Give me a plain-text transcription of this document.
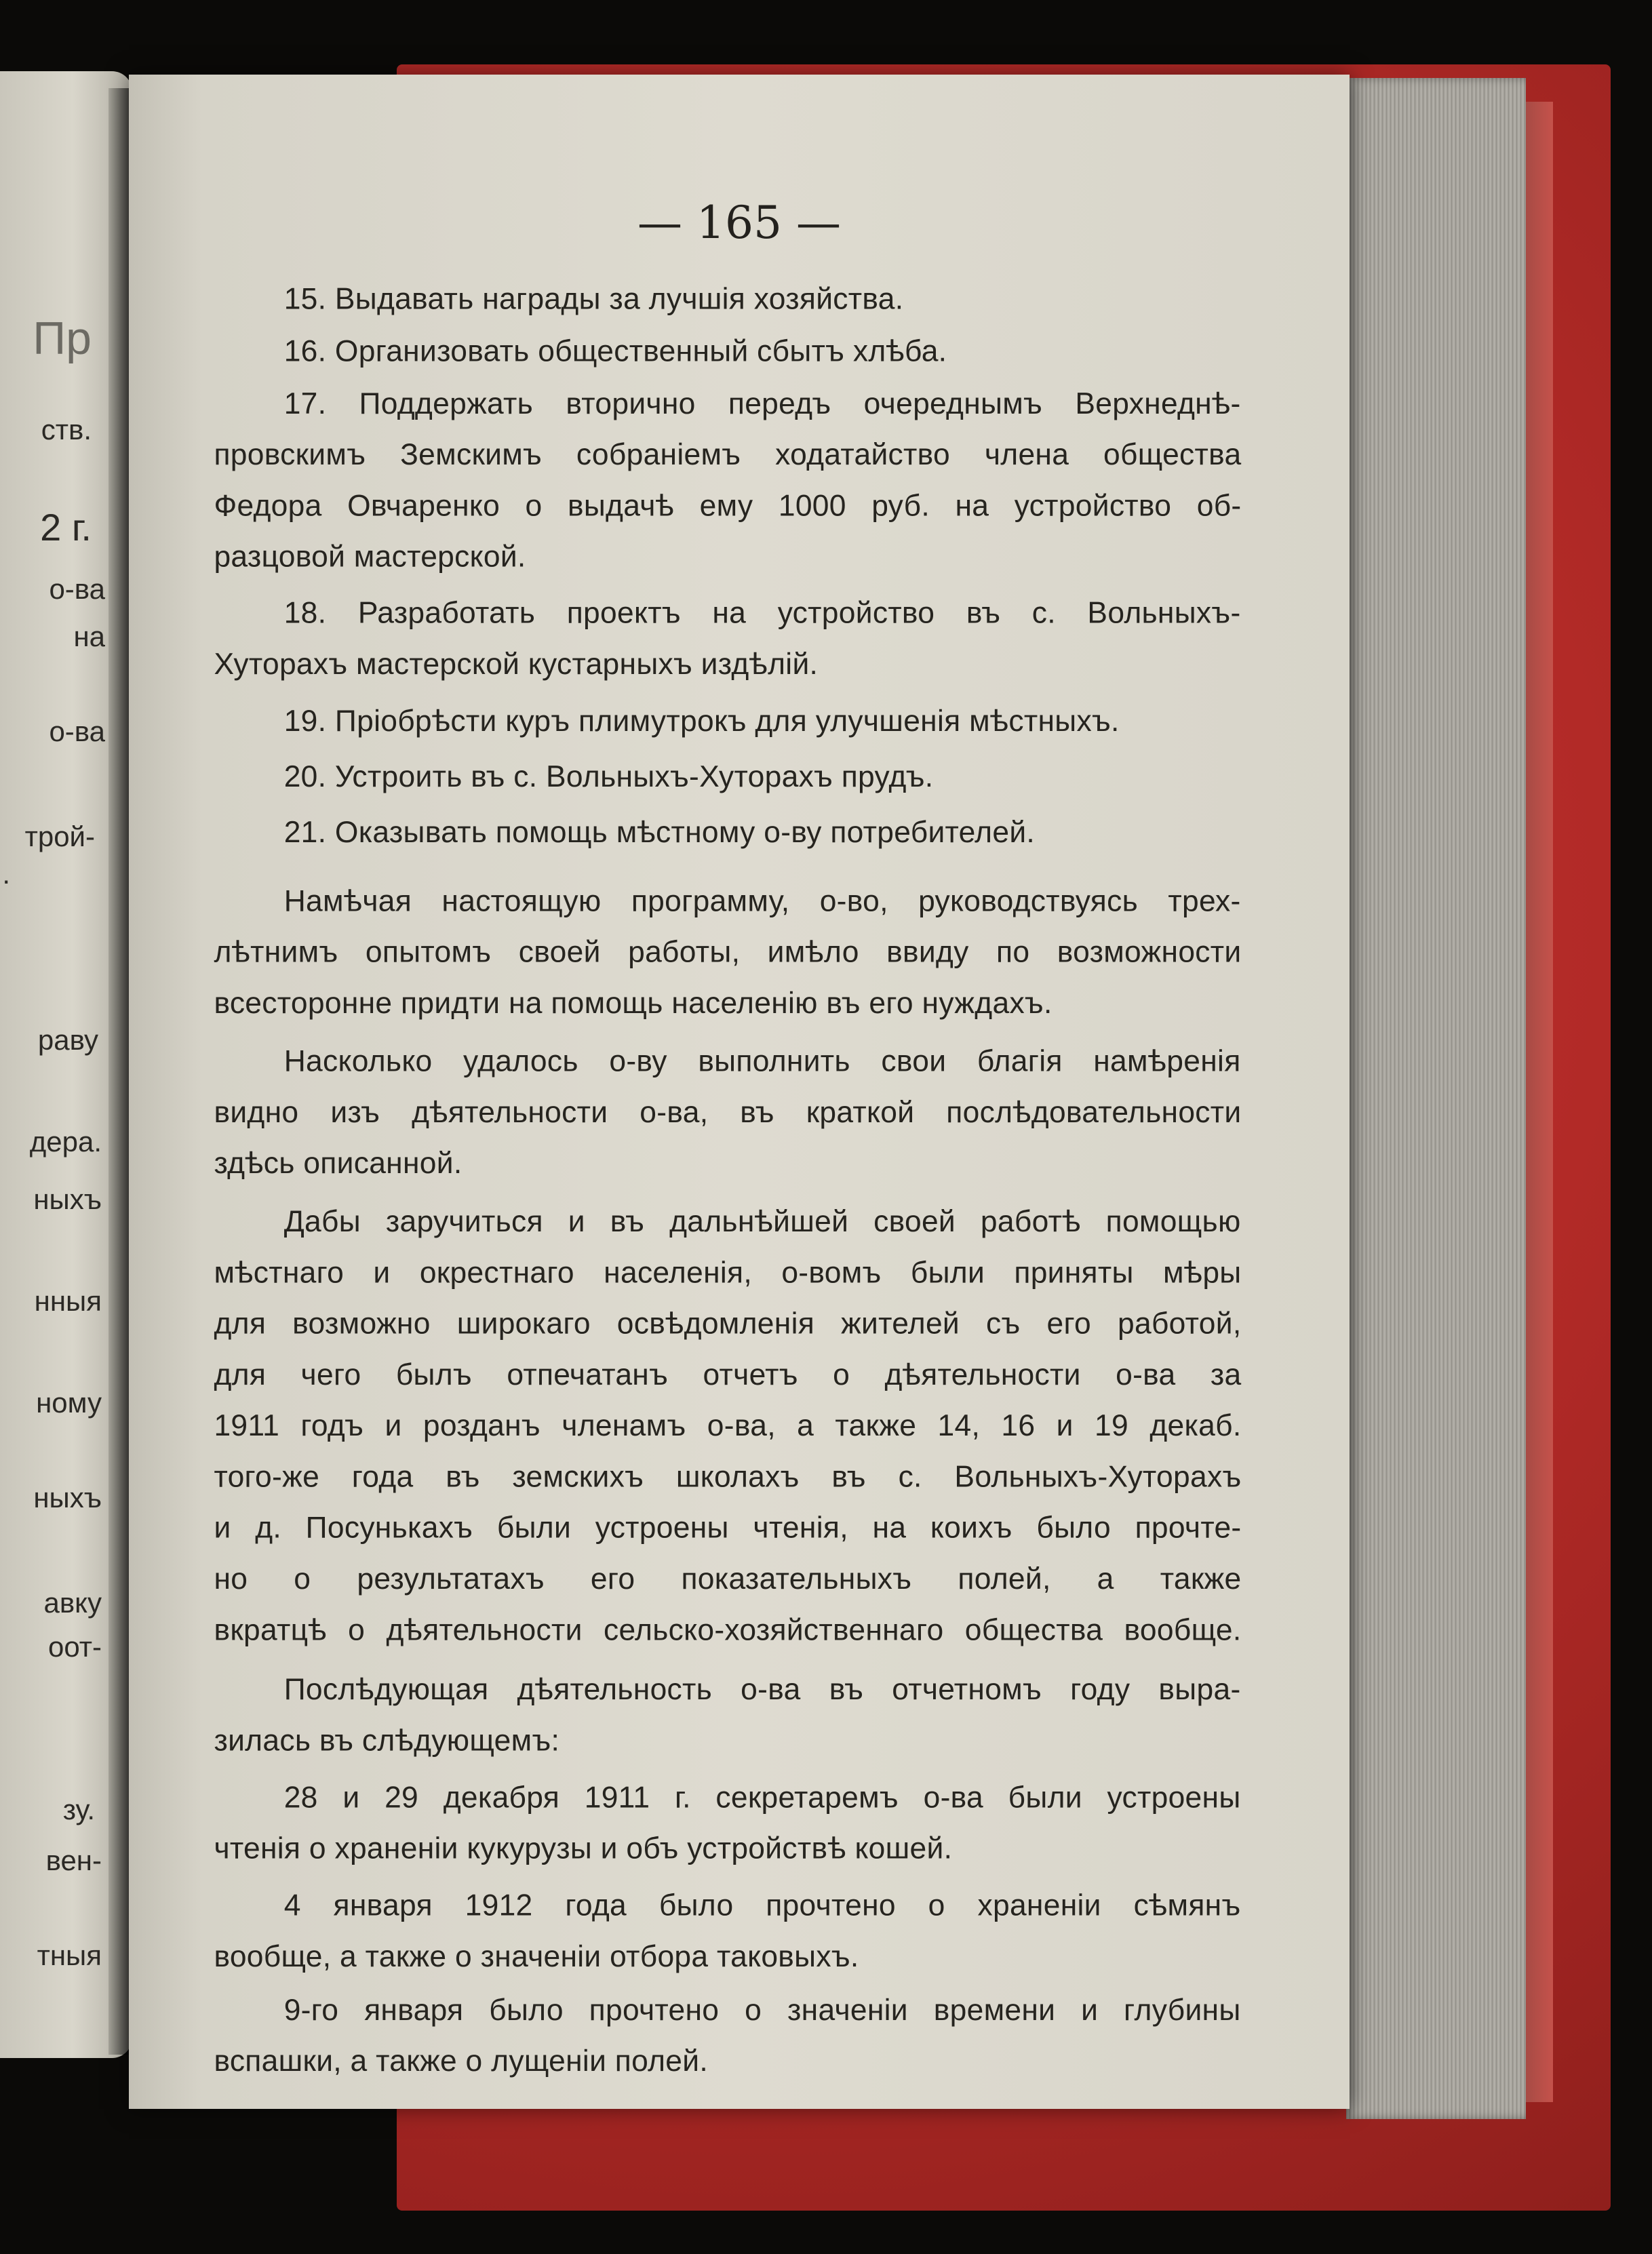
Пр
ств.
2 г.
о-ва
на
о-ва
трой-
.
раву
дера.
ныхъ
нныя
ному
ныхъ
авку
оот-
зу.
вен-
тныя
— 165 —
15. Выдавать награды за лучшія хозяйства.
16. Организовать общественный сбытъ хлѣба.
17. Поддержать вторично передъ очереднымъ Верхнеднѣ-
провскимъ Земскимъ собраніемъ ходатайство члена общества
Федора Овчаренко о выдачѣ ему 1000 руб. на устройство об-
разцовой мастерской.
18. Разработать проектъ на устройство въ с. Вольныхъ-
Хуторахъ мастерской кустарныхъ издѣлій.
19. Пріобрѣсти куръ плимутрокъ для улучшенія мѣстныхъ.
20. Устроить въ с. Вольныхъ-Хуторахъ прудъ.
21. Оказывать помощь мѣстному о-ву потребителей.
Намѣчая настоящую программу, о-во, руководствуясь трех-
лѣтнимъ опытомъ своей работы, имѣло ввиду по возможности
всесторонне придти на помощь населенію въ его нуждахъ.
Насколько удалось о-ву выполнить свои благія намѣренія
видно изъ дѣятельности о-ва, въ краткой послѣдовательности
здѣсь описанной.
Дабы заручиться и въ дальнѣйшей своей работѣ помощью
мѣстнаго и окрестнаго населенія, о-вомъ были приняты мѣры
для возможно широкаго освѣдомленія жителей съ его работой,
для чего былъ отпечатанъ отчетъ о дѣятельности о-ва за
1911 годъ и розданъ членамъ о-ва, а также 14, 16 и 19 декаб.
того-же года въ земскихъ школахъ въ с. Вольныхъ-Хуторахъ
и д. Посунькахъ были устроены чтенія, на коихъ было прочте-
но о результатахъ его показательныхъ полей, а также
вкратцѣ о дѣятельности сельско-хозяйственнаго общества вообще.
Послѣдующая дѣятельность о-ва въ отчетномъ году выра-
зилась въ слѣдующемъ:
28 и 29 декабря 1911 г. секретаремъ о-ва были устроены
чтенія о храненіи кукурузы и объ устройствѣ кошей.
4 января 1912 года было прочтено о храненіи сѣмянъ
вообще, а также о значеніи отбора таковыхъ.
9-го января было прочтено о значеніи времени и глубины
вспашки, а также о лущеніи полей.
